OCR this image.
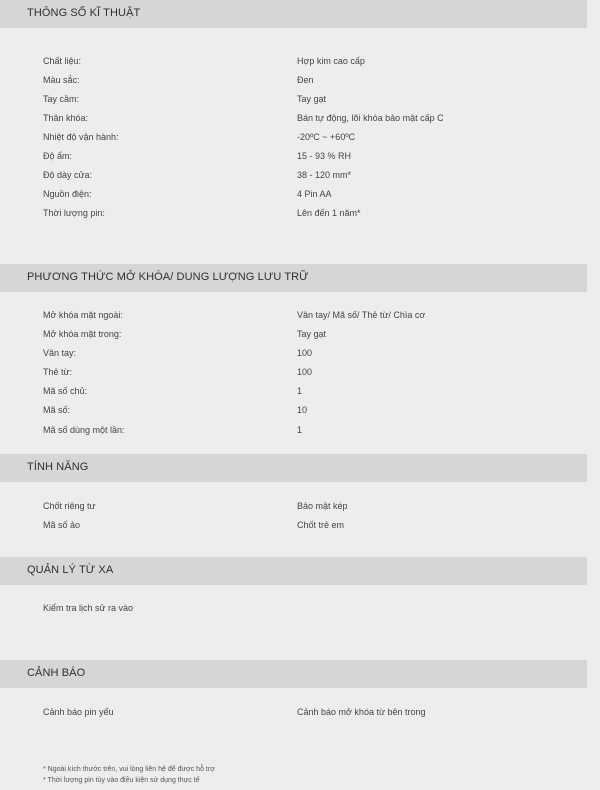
THÔNG SỐ KĨ THUẬT
Chất liệu:	Hợp kim cao cấp
Màu sắc:	Đen
Tay cầm:	Tay gạt
Thân khóa:	Bán tự động, lõi khóa bảo mật cấp C
Nhiệt độ vận hành:	-20ºC ~ +60ºC
Độ ẩm:	15 - 93 % RH
Độ dày cửa:	38 - 120 mm*
Nguồn điện:	4 Pin AA
Thời lượng pin:	Lên đến 1 năm*
PHƯƠNG THỨC MỞ KHÓA/ DUNG LƯỢNG LƯU TRỮ
Mở khóa mặt ngoài:	Vân tay/ Mã số/ Thẻ từ/ Chìa cơ
Mở khóa mặt trong:	Tay gạt
Vân tay:	100
Thẻ từ:	100
Mã số chủ:	1
Mã số:	10
Mã số dùng một lần:	1
TÍNH NĂNG
Chốt riêng tư	Bảo mật kép
Mã số ảo	Chốt trẻ em
QUẢN LÝ TỪ XA
Kiểm tra lịch sử ra vào
CẢNH BÁO
Cảnh báo pin yếu	Cảnh báo mở khóa từ bên trong
* Ngoài kích thước trên, vui lòng liên hệ để được hỗ trợ
* Thời lượng pin tùy vào điều kiện sử dụng thực tế
